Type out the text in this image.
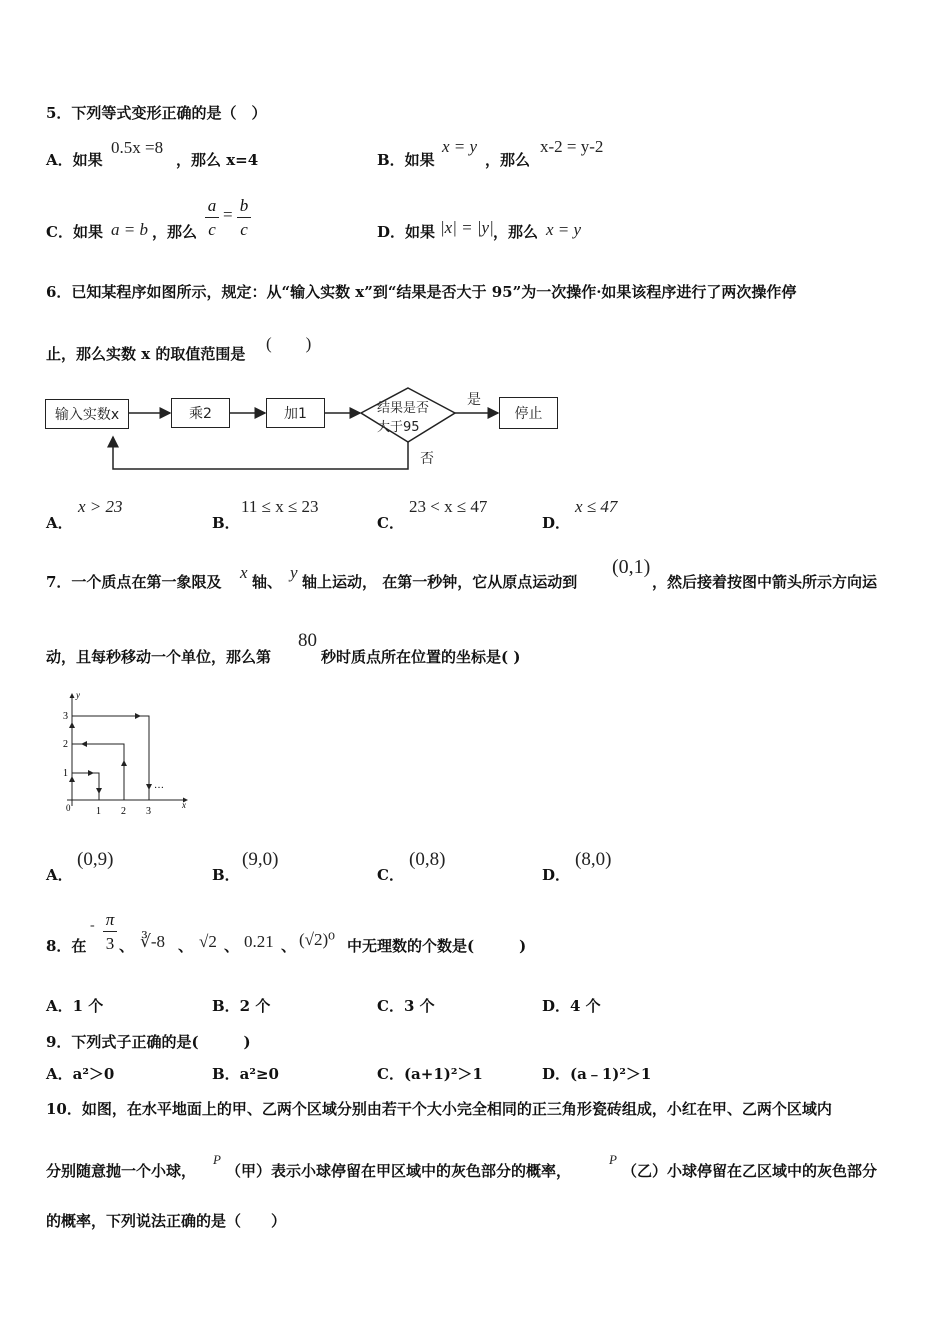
5．下列等式变形正确的是（　）
A．如果
0.5x =8
，那么 x=4	B．如果
x = y
，那么
x-2 = y-2
C．如果 a = b ，那么
a
c
= b
c	D．如果 |x| = |y| ，那么 x = y
6．已知某程序如图所示，规定：从“输入实数 x”到“结果是否大于 95”为一次操作·如果该程序进行了两次操作停
止，那么实数 x 的取值范围是
(　　)
输入实数x	乘2	加1	结果是否
大于95
停止
是
否
A．
x > 23
B．
11 ≤ x ≤ 23
C．
23 < x ≤ 47
D．
x ≤ 47
7．一个质点在第一象限及 x 轴、 y 轴上运动， 在第一秒钟，它从原点运动到
(0,1)
，然后接着按图中箭头所示方向运
动，且每秒移动一个单位，那么第
80
秒时质点所在位置的坐标是( )
y
x
0	1 2 3
1
2
3
…
A．
(0,9)
B．
(9,0)
C．
(0,8)
D．
(8,0)
8．在
- π
3 、 ∛-8 、 √2 、 0.21 、 (√2)⁰ 中无理数的个数是(　　　)
A．1 个	B．2 个	C．3 个	D．4 个
9．下列式子正确的是(　　　)
A．a²＞0	B．a²≥0	C．(a+1)²＞1	D．(a﹣1)²＞1
10．如图，在水平地面上的甲、乙两个区域分别由若干个大小完全相同的正三角形瓷砖组成，小红在甲、乙两个区域内
分别随意抛一个小球，
P
（甲）表示小球停留在甲区域中的灰色部分的概率，
P
（乙）小球停留在乙区域中的灰色部分
的概率，下列说法正确的是（　　）
